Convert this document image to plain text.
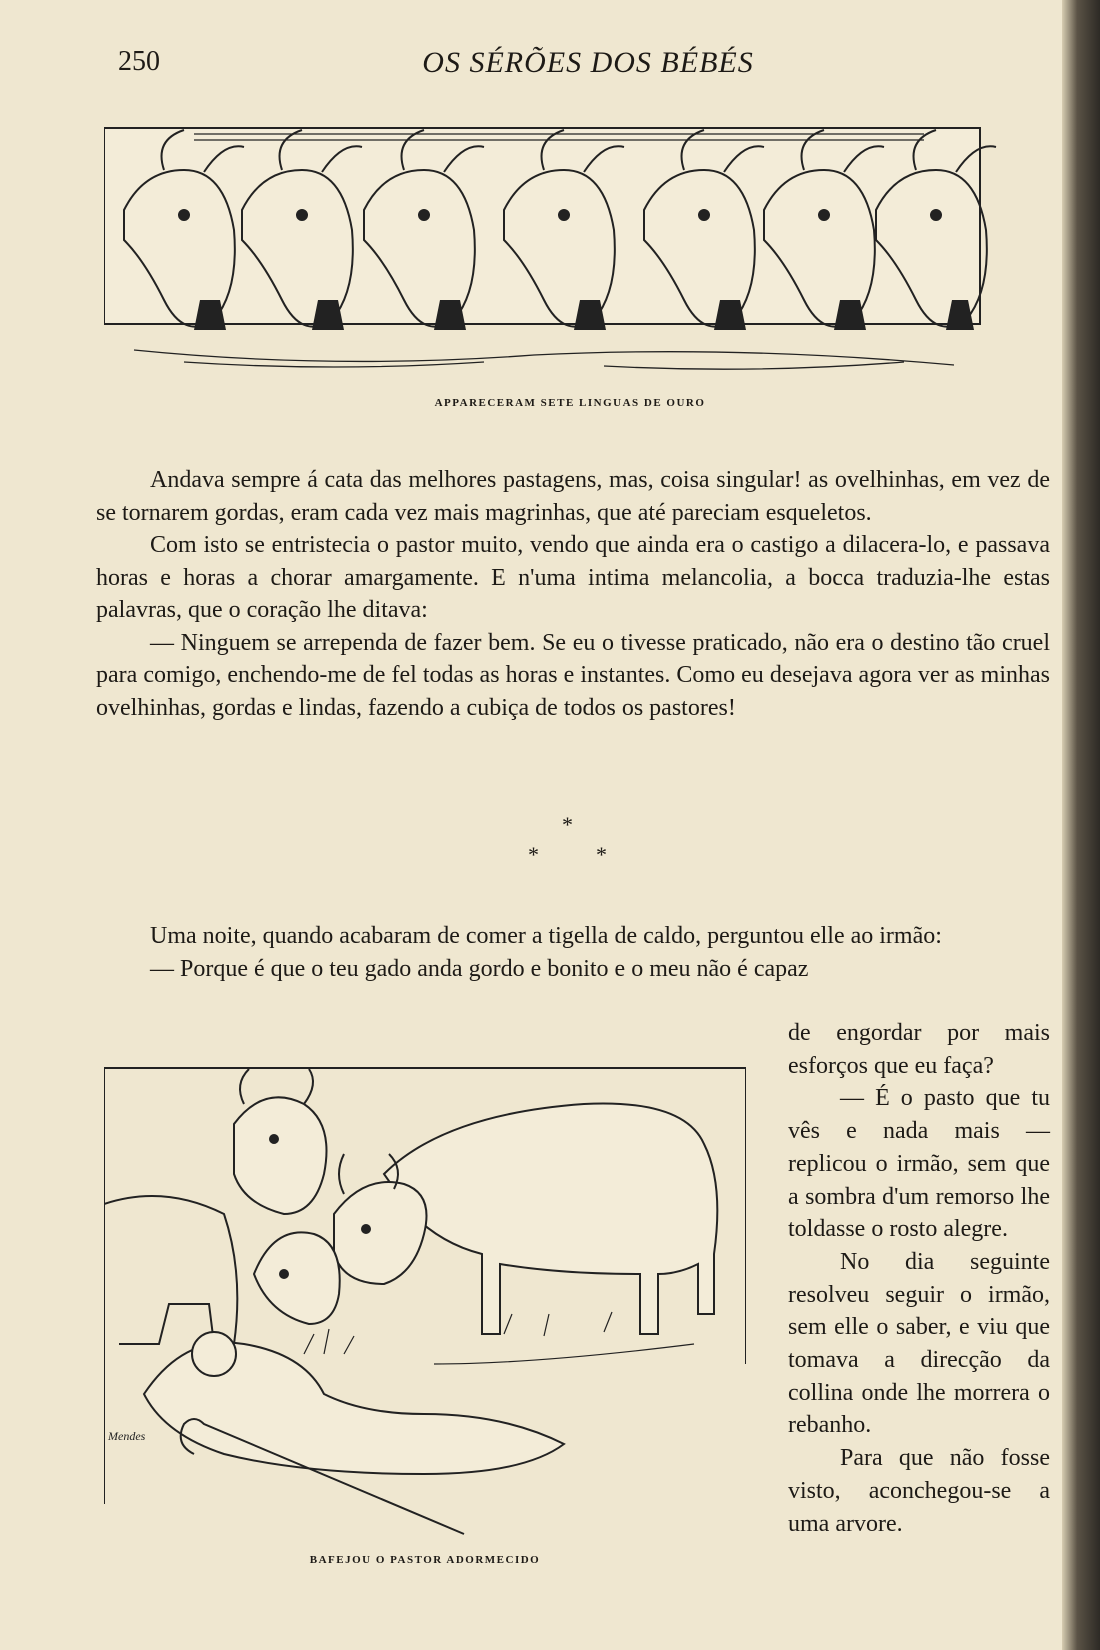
250	OS SÉRÕES DOS BÉBÉS
APPARECERAM SETE LINGUAS DE OURO

Andava sempre á cata das melhores pastagens, mas, coisa singular! as ovelhinhas, em vez de se tornarem gordas, eram cada vez mais magrinhas, que até pareciam esqueletos.

Com isto se entristecia o pastor muito, vendo que ainda era o castigo a dilacera-lo, e passava horas e horas a chorar amargamente. E n'uma intima melancolia, a bocca traduzia-lhe estas palavras, que o coração lhe ditava:

— Ninguem se arrependa de fazer bem. Se eu o tivesse praticado, não era o destino tão cruel para comigo, enchendo-me de fel todas as horas e instantes. Como eu desejava agora ver as minhas ovelhinhas, gordas e lindas, fazendo a cubiça de todos os pastores!

*
*	*

Uma noite, quando acabaram de comer a tigella de caldo, perguntou elle ao irmão:

— Porque é que o teu gado anda gordo e bonito e o meu não é capaz

Mendes
BAFEJOU O PASTOR ADORMECIDO

de engordar por mais esforços que eu faça?

— É o pasto que tu vês e nada mais — replicou o irmão, sem que a sombra d'um remorso lhe toldasse o rosto alegre.

No dia seguinte resolveu seguir o irmão, sem elle o saber, e viu que tomava a direcção da collina onde lhe morrera o rebanho.

Para que não fosse visto, aconchegou-se a uma arvore.
